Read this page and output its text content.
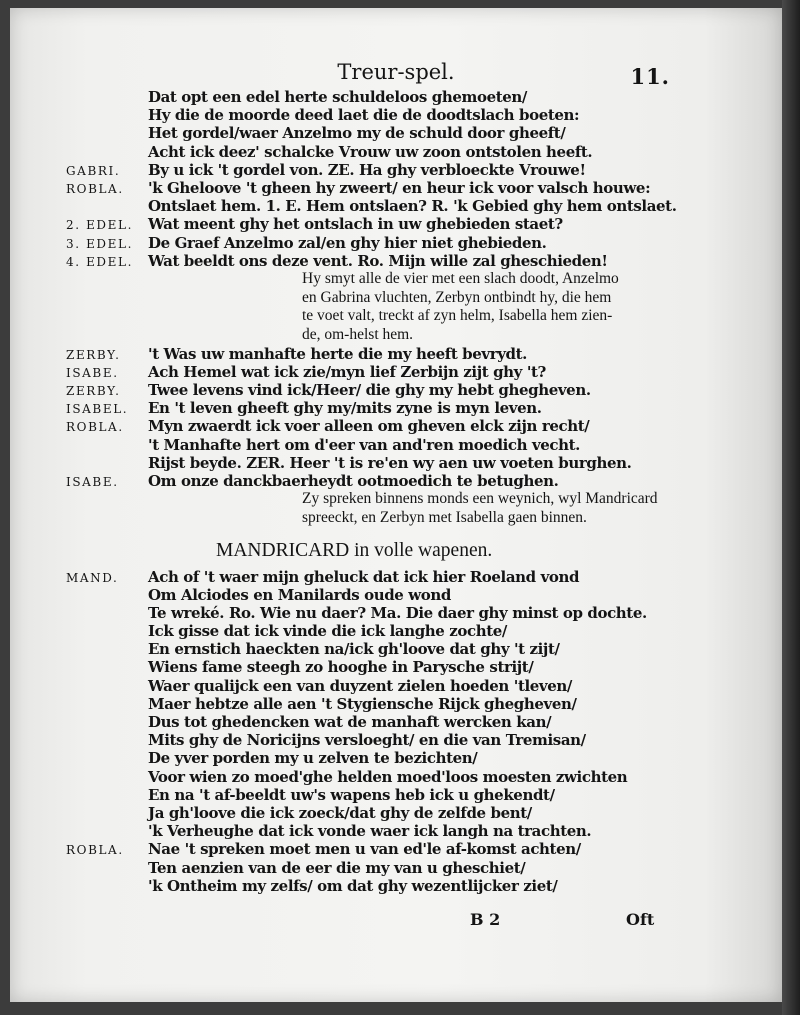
Treur-spel.	11.
Dat opt een edel herte schuldeloos ghemoeten/
Hy die de moorde deed laet die de doodtslach boeten:
Het gordel/waer Anzelmo my de schuld door gheeft/
Acht ick deez' schalcke Vrouw uw zoon ontstolen heeft.
GABRI.	By u ick 't gordel von. ZE. Ha ghy verbloeckte Vrouwe!
ROBLA.	'k Gheloove 't gheen hy zweert/ en heur ick voor valsch houwe:
Ontslaet hem. 1. E. Hem ontslaen? R. 'k Gebied ghy hem ontslaet.
2. EDEL.	Wat meent ghy het ontslach in uw ghebieden staet?
3. EDEL.	De Graef Anzelmo zal/en ghy hier niet ghebieden.
4. EDEL.	Wat beeldt ons deze vent. Ro. Mijn wille zal gheschieden!
Hy smyt alle de vier met een slach doodt, Anzelmo
en Gabrina vluchten, Zerbyn ontbindt hy, die hem
te voet valt, treckt af zyn helm, Isabella hem zien-
de, om-helst hem.
ZERBY.	't Was uw manhafte herte die my heeft bevrydt.
ISABE.	Ach Hemel wat ick zie/myn lief Zerbijn zijt ghy 't?
ZERBY.	Twee levens vind ick/Heer/ die ghy my hebt ghegheven.
ISABEL.	En 't leven gheeft ghy my/mits zyne is myn leven.
ROBLA.	Myn zwaerdt ick voer alleen om gheven elck zijn recht/
't Manhafte hert om d'eer van and'ren moedich vecht.
Rijst beyde. ZER. Heer 't is re'en wy aen uw voeten burghen.
ISABE.	Om onze danckbaerheydt ootmoedich te betughen.
Zy spreken binnens monds een weynich, wyl Mandricard
spreeckt, en Zerbyn met Isabella gaen binnen.
MANDRICARD in volle wapenen.
MAND.	Ach of 't waer mijn gheluck dat ick hier Roeland vond
Om Alciodes en Manilards oude wond
Te wreké. Ro. Wie nu daer? Ma. Die daer ghy minst op dochte.
Ick gisse dat ick vinde die ick langhe zochte/
En ernstich haeckten na/ick gh'loove dat ghy 't zijt/
Wiens fame steegh zo hooghe in Parysche strijt/
Waer qualijck een van duyzent zielen hoeden 'tleven/
Maer hebtze alle aen 't Stygiensche Rijck ghegheven/
Dus tot ghedencken wat de manhaft wercken kan/
Mits ghy de Noricijns versloeght/ en die van Tremisan/
De yver porden my u zelven te bezichten/
Voor wien zo moed'ghe helden moed'loos moesten zwichten
En na 't af-beeldt uw's wapens heb ick u ghekendt/
Ja gh'loove die ick zoeck/dat ghy de zelfde bent/
'k Verheughe dat ick vonde waer ick langh na trachten.
ROBLA.	Nae 't spreken moet men u van ed'le af-komst achten/
Ten aenzien van de eer die my van u gheschiet/
'k Ontheim my zelfs/ om dat ghy wezentlijcker ziet/
B 2	Oft
